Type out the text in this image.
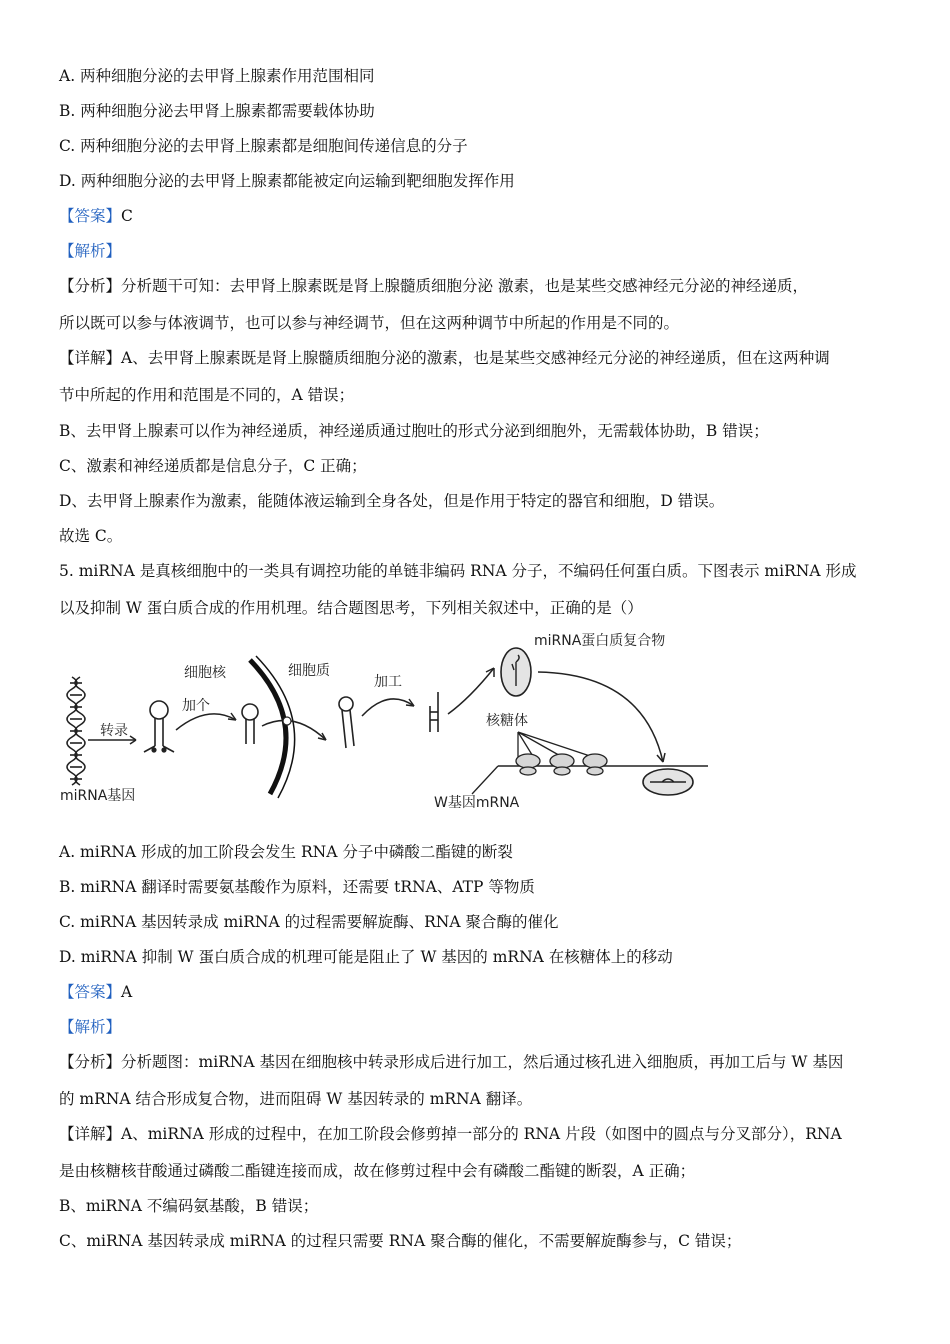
A. 两种细胞分泌的去甲肾上腺素作用范围相同
B. 两种细胞分泌去甲肾上腺素都需要载体协助
C. 两种细胞分泌的去甲肾上腺素都是细胞间传递信息的分子
D. 两种细胞分泌的去甲肾上腺素都能被定向运输到靶细胞发挥作用
【答案】C
【解析】
【分析】分析题干可知：去甲肾上腺素既是肾上腺髓质细胞分泌 激素，也是某些交感神经元分泌的神经递质，
所以既可以参与体液调节，也可以参与神经调节，但在这两种调节中所起的作用是不同的。
【详解】A、去甲肾上腺素既是肾上腺髓质细胞分泌的激素，也是某些交感神经元分泌的神经递质，但在这两种调
节中所起的作用和范围是不同的，A 错误；
B、去甲肾上腺素可以作为神经递质，神经递质通过胞吐的形式分泌到细胞外，无需载体协助，B 错误；
C、激素和神经递质都是信息分子，C 正确；
D、去甲肾上腺素作为激素，能随体液运输到全身各处，但是作用于特定的器官和细胞，D 错误。
故选 C。
5. miRNA 是真核细胞中的一类具有调控功能的单链非编码 RNA 分子，不编码任何蛋白质。下图表示 miRNA 形成
以及抑制 W 蛋白质合成的作用机理。结合题图思考，下列相关叙述中，正确的是（）
miRNA基因
转录
加个
细胞核	细胞质
加工
miRNA蛋白质复合物
核糖体
W基因mRNA
A. miRNA 形成的加工阶段会发生 RNA 分子中磷酸二酯键的断裂
B. miRNA 翻译时需要氨基酸作为原料，还需要 tRNA、ATP 等物质
C. miRNA 基因转录成 miRNA 的过程需要解旋酶、RNA 聚合酶的催化
D. miRNA 抑制 W 蛋白质合成的机理可能是阻止了 W 基因的 mRNA 在核糖体上的移动
【答案】A
【解析】
【分析】分析题图：miRNA 基因在细胞核中转录形成后进行加工，然后通过核孔进入细胞质，再加工后与 W 基因
的 mRNA 结合形成复合物，进而阻碍 W 基因转录的 mRNA 翻译。
【详解】A、miRNA 形成的过程中，在加工阶段会修剪掉一部分的 RNA 片段（如图中的圆点与分叉部分），RNA
是由核糖核苷酸通过磷酸二酯键连接而成，故在修剪过程中会有磷酸二酯键的断裂，A 正确；
B、miRNA 不编码氨基酸，B 错误；
C、miRNA 基因转录成 miRNA 的过程只需要 RNA 聚合酶的催化，不需要解旋酶参与，C 错误；
